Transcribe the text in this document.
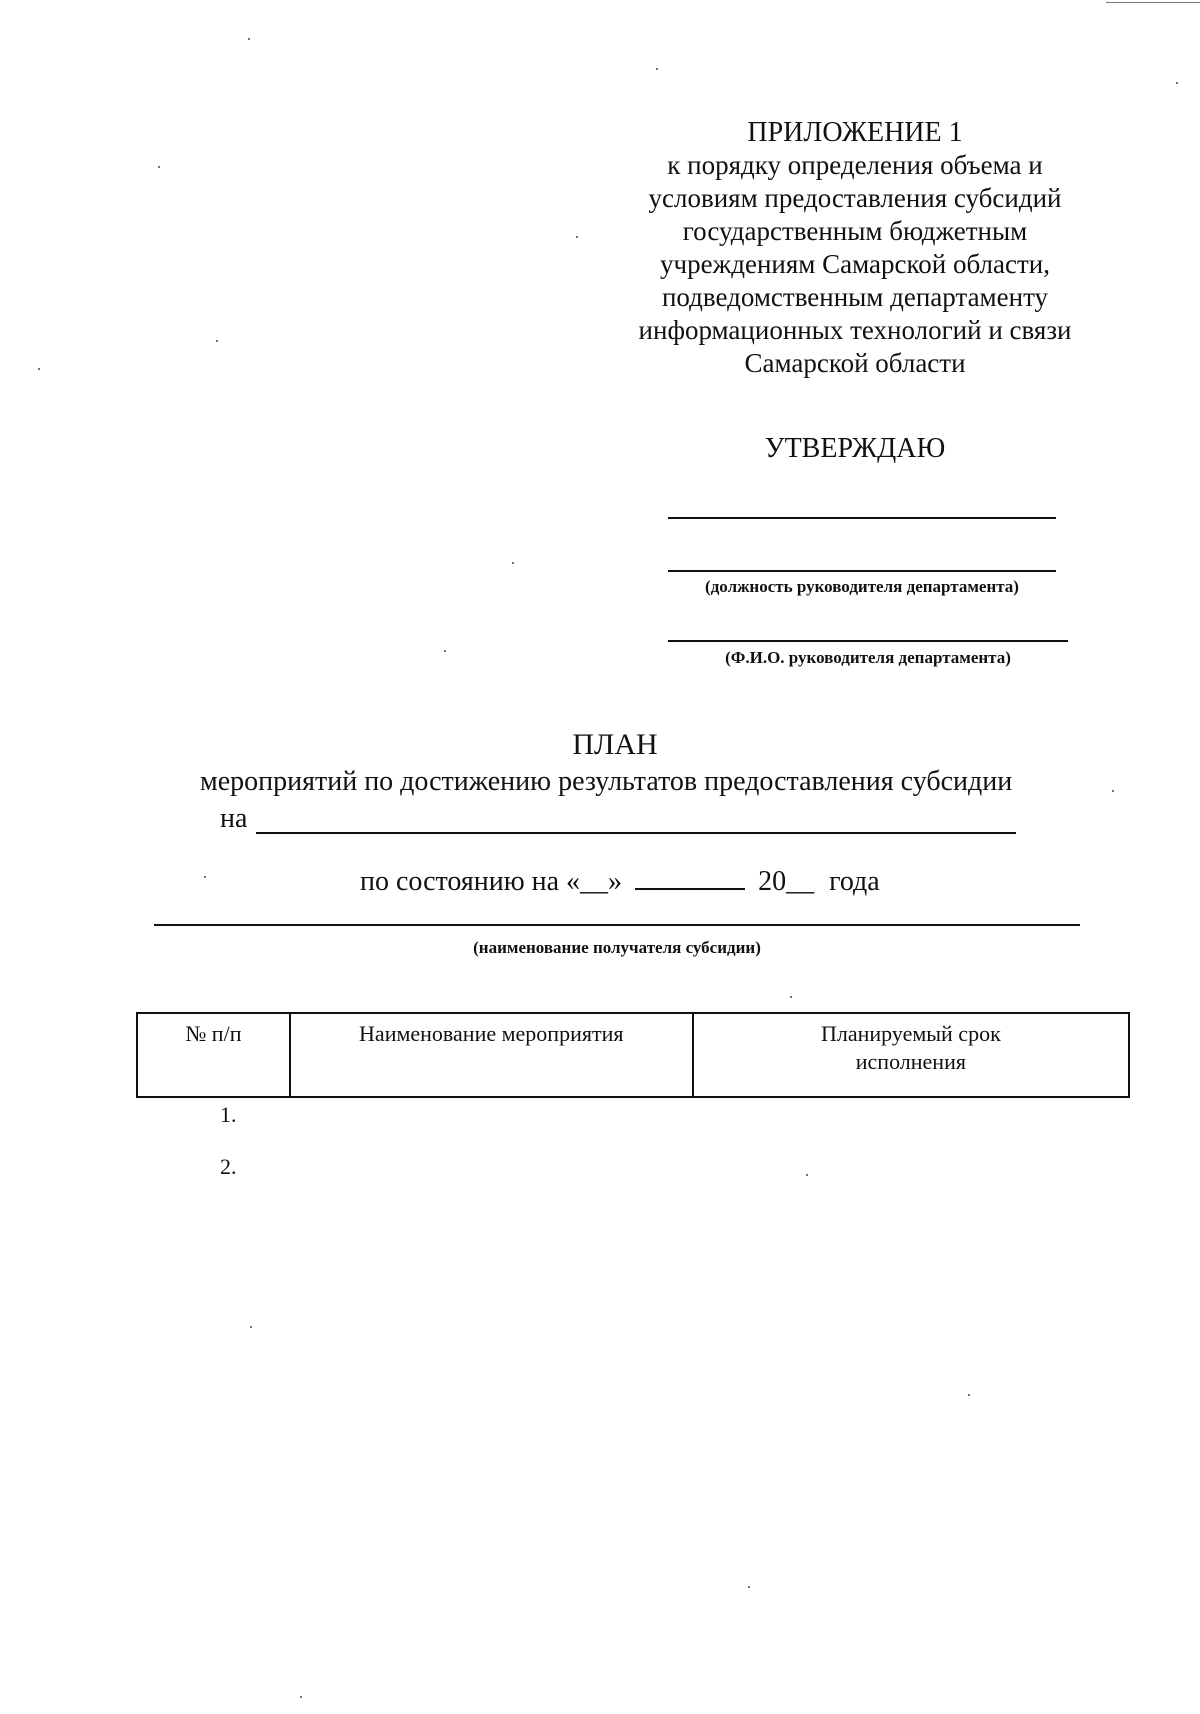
ПРИЛОЖЕНИЕ 1
к порядку определения объема и
условиям предоставления субсидий
государственным бюджетным
учреждениям Самарской области,
подведомственным департаменту
информационных технологий и связи
Самарской области
УТВЕРЖДАЮ
(должность руководителя департамента)
(Ф.И.О. руководителя департамента)
ПЛАН
мероприятий по достижению результатов предоставления субсидии
на
по состоянию на «__»	20__ года
(наименование получателя субсидии)
№ п/п	Наименование мероприятия	Планируемый срок исполнения
1.
2.
